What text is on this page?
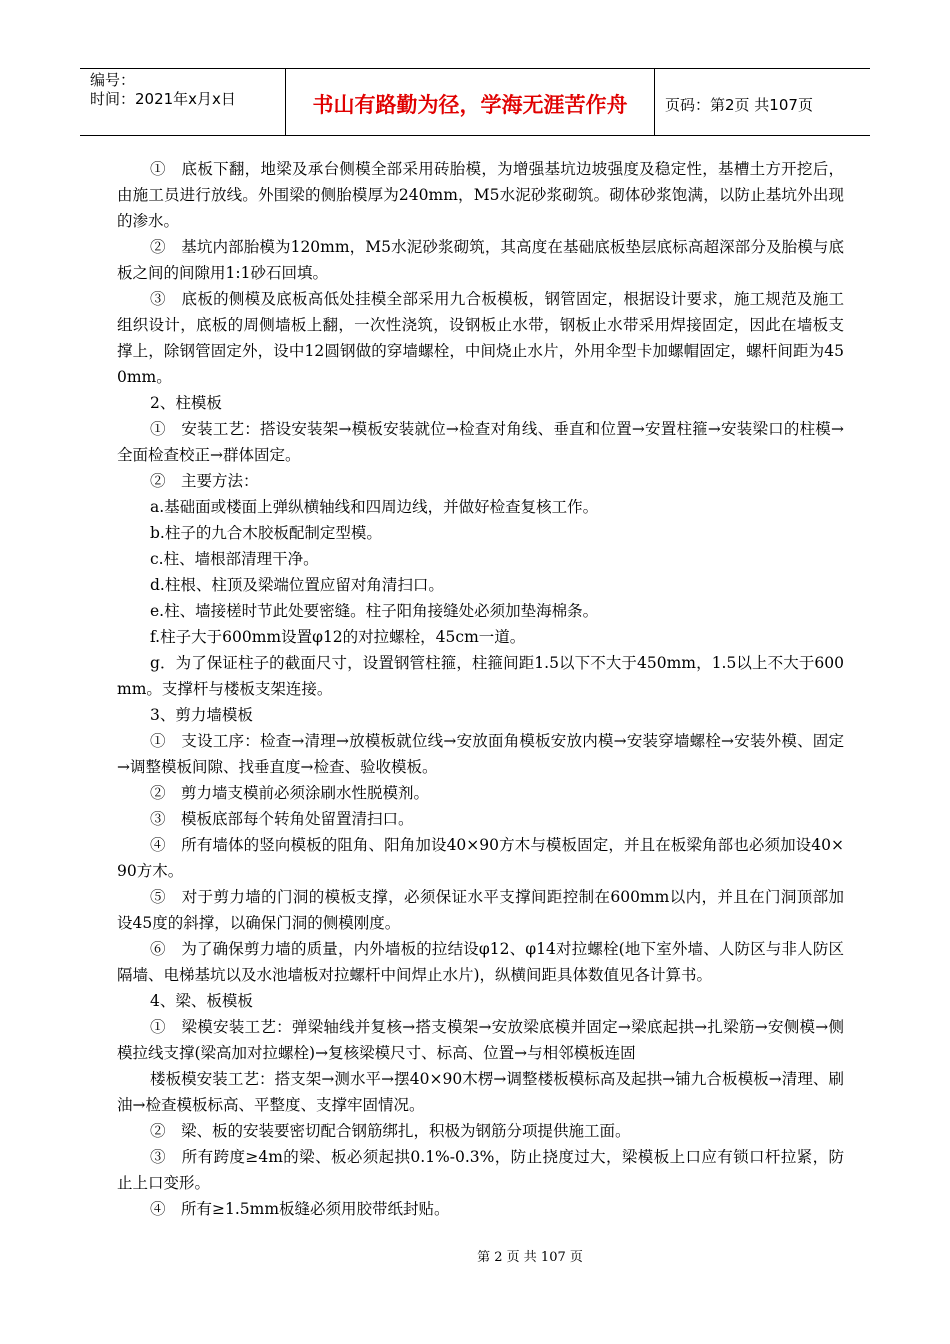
编号：
时间：2021年x月x日	书山有路勤为径，学海无涯苦作舟	页码：第2页 共107页

①　底板下翻，地梁及承台侧模全部采用砖胎模，为增强基坑边坡强度及稳定性，基槽土方开挖后，由施工员进行放线。外围梁的侧胎模厚为240mm，M5水泥砂浆砌筑。砌体砂浆饱满，以防止基坑外出现的渗水。

②　基坑内部胎模为120mm，M5水泥砂浆砌筑，其高度在基础底板垫层底标高超深部分及胎模与底板之间的间隙用1:1砂石回填。

③　底板的侧模及底板高低处挂模全部采用九合板模板，钢管固定，根据设计要求，施工规范及施工组织设计，底板的周侧墙板上翻，一次性浇筑，设钢板止水带，钢板止水带采用焊接固定，因此在墙板支撑上，除钢管固定外，设中12圆钢做的穿墙螺栓，中间烧止水片，外用伞型卡加螺帽固定，螺杆间距为450mm。

2、柱模板

①　安装工艺：搭设安装架→模板安装就位→检查对角线、垂直和位置→安置柱箍→安装梁口的柱模→全面检查校正→群体固定。

②　主要方法：

a.基础面或楼面上弹纵横轴线和四周边线，并做好检查复核工作。

b.柱子的九合木胶板配制定型模。

c.柱、墙根部清理干净。

d.柱根、柱顶及梁端位置应留对角清扫口。

e.柱、墙接槎时节此处要密缝。柱子阳角接缝处必须加垫海棉条。

f.柱子大于600mm设置φ12的对拉螺栓，45cm一道。

g．为了保证柱子的截面尺寸，设置钢管柱箍，柱箍间距1.5以下不大于450mm，1.5以上不大于600mm。支撑杆与楼板支架连接。

3、剪力墙模板

①　支设工序：检查→清理→放模板就位线→安放面角模板安放内模→安装穿墙螺栓→安装外模、固定→调整模板间隙、找垂直度→检查、验收模板。

②　剪力墙支模前必须涂刷水性脱模剂。

③　模板底部每个转角处留置清扫口。

④　所有墙体的竖向模板的阻角、阳角加设40×90方木与模板固定，并且在板梁角部也必须加设40×90方木。

⑤　对于剪力墙的门洞的模板支撑，必须保证水平支撑间距控制在600mm以内，并且在门洞顶部加设45度的斜撑，以确保门洞的侧模刚度。

⑥　为了确保剪力墙的质量，内外墙板的拉结设φ12、φ14对拉螺栓(地下室外墙、人防区与非人防区隔墙、电梯基坑以及水池墙板对拉螺杆中间焊止水片)，纵横间距具体数值见各计算书。

4、梁、板模板

①　梁模安装工艺：弹梁轴线并复核→搭支模架→安放梁底模并固定→梁底起拱→扎梁筋→安侧模→侧模拉线支撑(梁高加对拉螺栓)→复核梁模尺寸、标高、位置→与相邻模板连固

楼板模安装工艺：搭支架→测水平→摆40×90木楞→调整楼板模标高及起拱→铺九合板模板→清理、刷油→检查模板标高、平整度、支撑牢固情况。

②　梁、板的安装要密切配合钢筋绑扎，积极为钢筋分项提供施工面。

③　所有跨度≥4m的梁、板必须起拱0.1%-0.3%，防止挠度过大，梁模板上口应有锁口杆拉紧，防止上口变形。

④　所有≥1.5mm板缝必须用胶带纸封贴。

第 2 页 共 107 页
